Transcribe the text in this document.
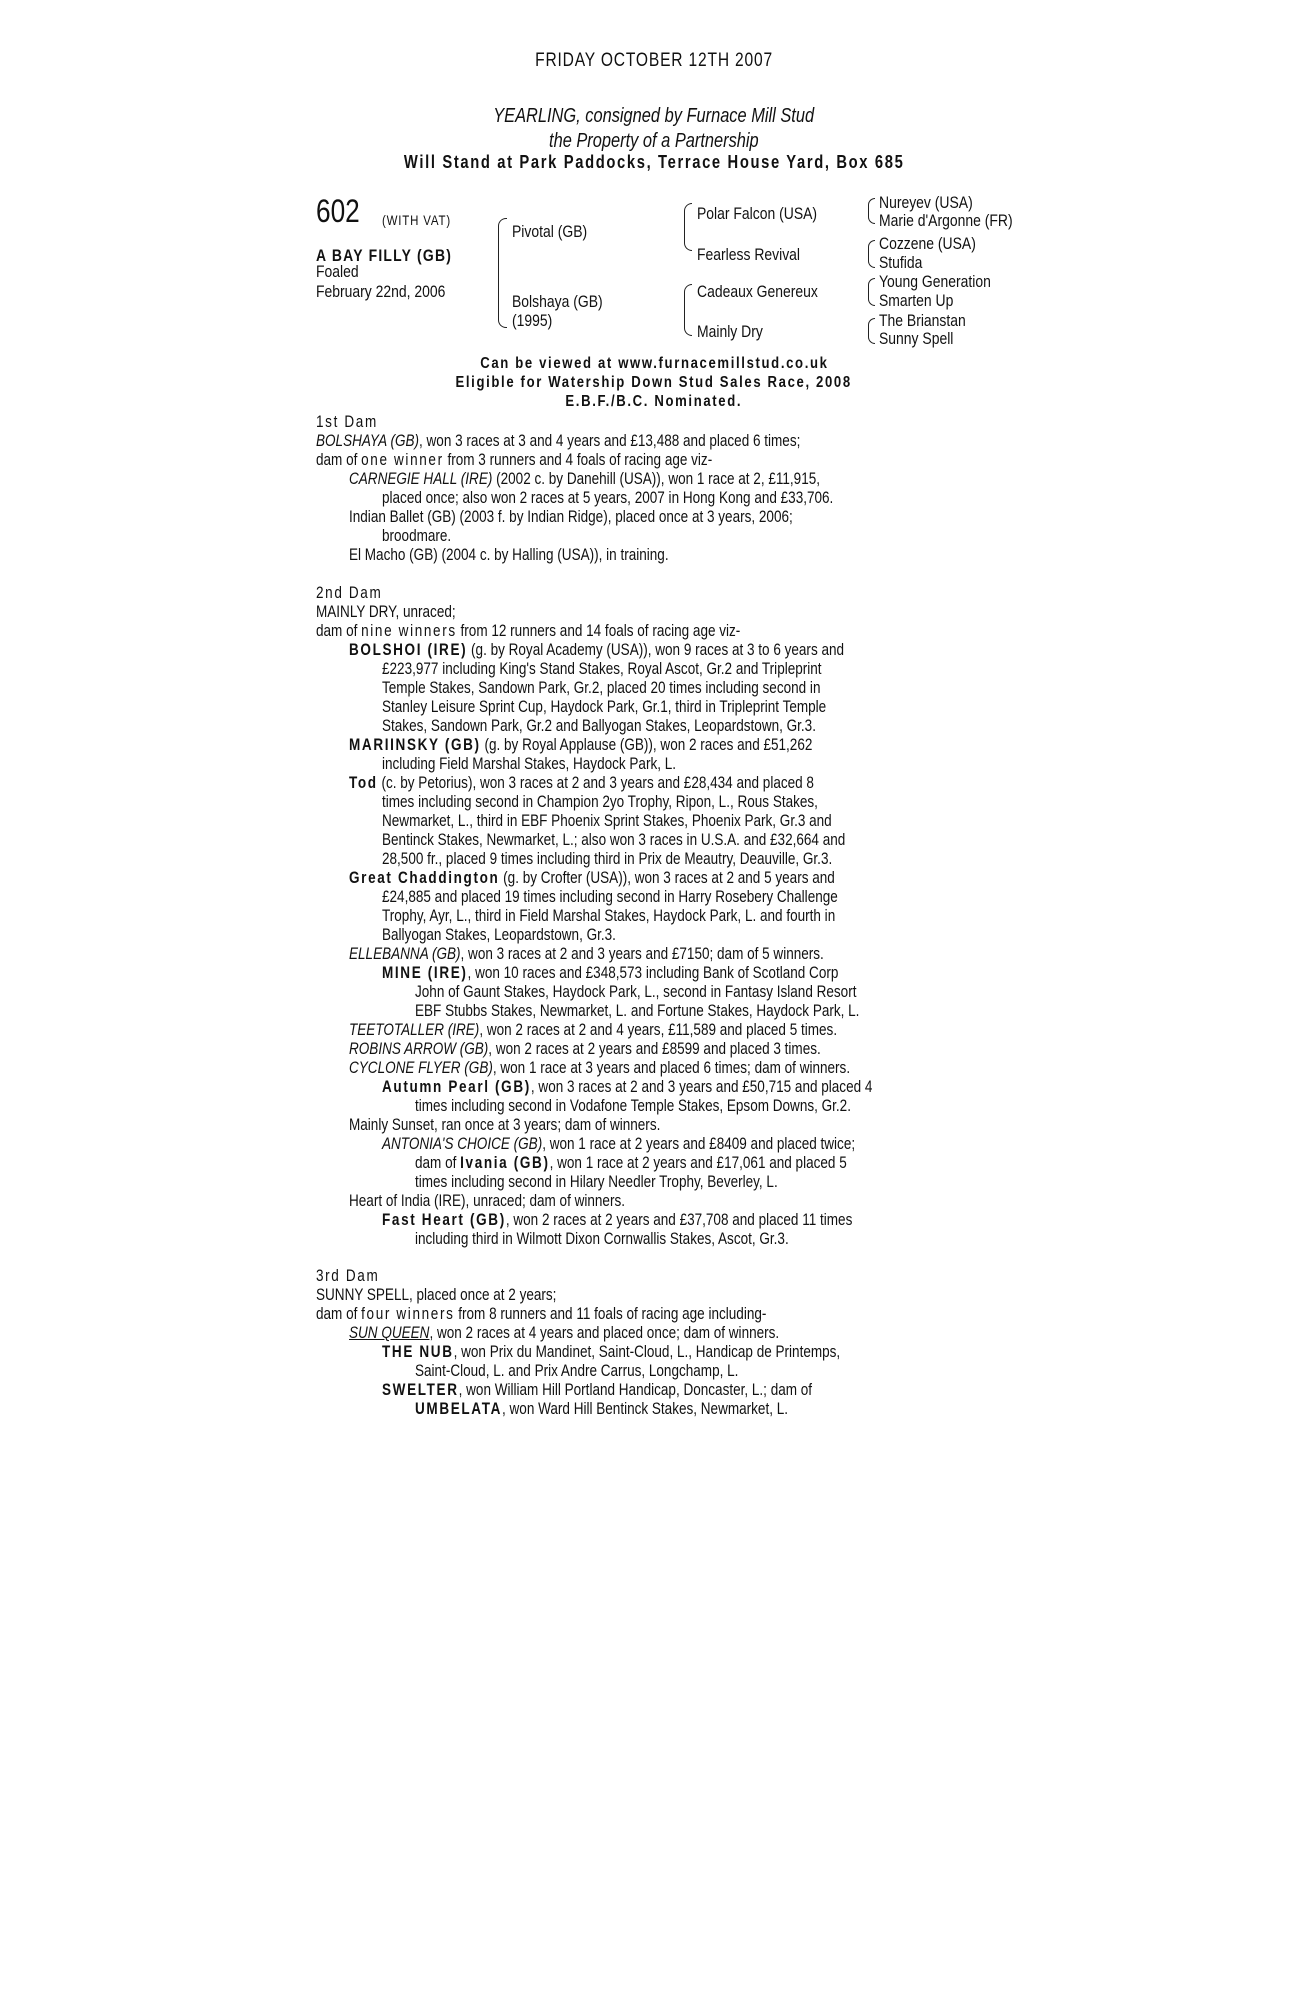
FRIDAY OCTOBER 12TH 2007
YEARLING, consigned by Furnace Mill Stud
the Property of a Partnership
Will Stand at Park Paddocks, Terrace House Yard, Box 685
602	(WITH VAT)
A BAY FILLY (GB)
Foaled
February 22nd, 2006
Pivotal (GB)
Bolshaya (GB)
(1995)
Polar Falcon (USA)
Fearless Revival
Cadeaux Genereux
Mainly Dry
Nureyev (USA)
Marie d'Argonne (FR)
Cozzene (USA)
Stufida
Young Generation
Smarten Up
The Brianstan
Sunny Spell
Can be viewed at www.furnacemillstud.co.uk
Eligible for Watership Down Stud Sales Race, 2008
E.B.F./B.C. Nominated.
1st Dam
BOLSHAYA (GB), won 3 races at 3 and 4 years and £13,488 and placed 6 times;
dam of one winner from 3 runners and 4 foals of racing age viz-
CARNEGIE HALL (IRE) (2002 c. by Danehill (USA)), won 1 race at 2, £11,915,
placed once; also won 2 races at 5 years, 2007 in Hong Kong and £33,706.
Indian Ballet (GB) (2003 f. by Indian Ridge), placed once at 3 years, 2006;
broodmare.
El Macho (GB) (2004 c. by Halling (USA)), in training.
2nd Dam
MAINLY DRY, unraced;
dam of nine winners from 12 runners and 14 foals of racing age viz-
BOLSHOI (IRE) (g. by Royal Academy (USA)), won 9 races at 3 to 6 years and
£223,977 including King's Stand Stakes, Royal Ascot, Gr.2 and Tripleprint
Temple Stakes, Sandown Park, Gr.2, placed 20 times including second in
Stanley Leisure Sprint Cup, Haydock Park, Gr.1, third in Tripleprint Temple
Stakes, Sandown Park, Gr.2 and Ballyogan Stakes, Leopardstown, Gr.3.
MARIINSKY (GB) (g. by Royal Applause (GB)), won 2 races and £51,262
including Field Marshal Stakes, Haydock Park, L.
Tod (c. by Petorius), won 3 races at 2 and 3 years and £28,434 and placed 8
times including second in Champion 2yo Trophy, Ripon, L., Rous Stakes,
Newmarket, L., third in EBF Phoenix Sprint Stakes, Phoenix Park, Gr.3 and
Bentinck Stakes, Newmarket, L.; also won 3 races in U.S.A. and £32,664 and
28,500 fr., placed 9 times including third in Prix de Meautry, Deauville, Gr.3.
Great Chaddington (g. by Crofter (USA)), won 3 races at 2 and 5 years and
£24,885 and placed 19 times including second in Harry Rosebery Challenge
Trophy, Ayr, L., third in Field Marshal Stakes, Haydock Park, L. and fourth in
Ballyogan Stakes, Leopardstown, Gr.3.
ELLEBANNA (GB), won 3 races at 2 and 3 years and £7150; dam of 5 winners.
MINE (IRE), won 10 races and £348,573 including Bank of Scotland Corp
John of Gaunt Stakes, Haydock Park, L., second in Fantasy Island Resort
EBF Stubbs Stakes, Newmarket, L. and Fortune Stakes, Haydock Park, L.
TEETOTALLER (IRE), won 2 races at 2 and 4 years, £11,589 and placed 5 times.
ROBINS ARROW (GB), won 2 races at 2 years and £8599 and placed 3 times.
CYCLONE FLYER (GB), won 1 race at 3 years and placed 6 times; dam of winners.
Autumn Pearl (GB), won 3 races at 2 and 3 years and £50,715 and placed 4
times including second in Vodafone Temple Stakes, Epsom Downs, Gr.2.
Mainly Sunset, ran once at 3 years; dam of winners.
ANTONIA'S CHOICE (GB), won 1 race at 2 years and £8409 and placed twice;
dam of Ivania (GB), won 1 race at 2 years and £17,061 and placed 5
times including second in Hilary Needler Trophy, Beverley, L.
Heart of India (IRE), unraced; dam of winners.
Fast Heart (GB), won 2 races at 2 years and £37,708 and placed 11 times
including third in Wilmott Dixon Cornwallis Stakes, Ascot, Gr.3.
3rd Dam
SUNNY SPELL, placed once at 2 years;
dam of four winners from 8 runners and 11 foals of racing age including-
SUN QUEEN, won 2 races at 4 years and placed once; dam of winners.
THE NUB, won Prix du Mandinet, Saint-Cloud, L., Handicap de Printemps,
Saint-Cloud, L. and Prix Andre Carrus, Longchamp, L.
SWELTER, won William Hill Portland Handicap, Doncaster, L.; dam of
UMBELATA, won Ward Hill Bentinck Stakes, Newmarket, L.
